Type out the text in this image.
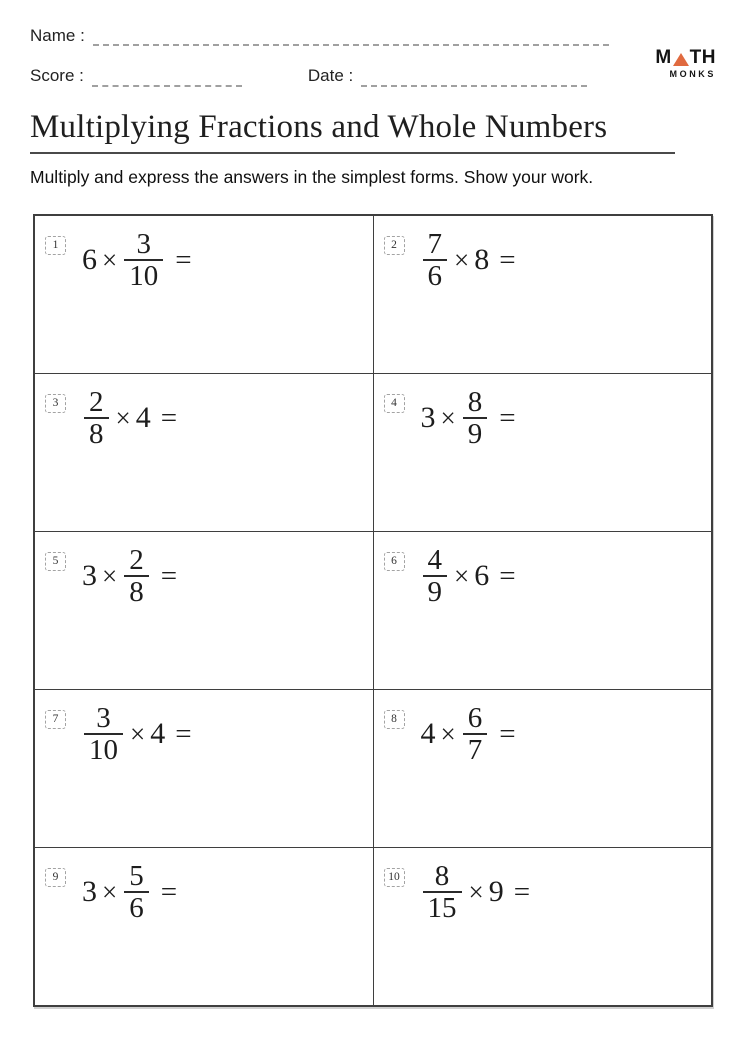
Name :
Score :	Date :
M TH
MONKS
Multiplying Fractions and Whole Numbers

Multiply and express the answers in the simplest forms. Show your work.

1 $6 \times \frac{3}{10}$ =	$2 \frac{7}{6} \times 8$ =
$3 \frac{2}{8} \times 4$ =	4 $3 \times \frac{8}{9}$ =
5 $3 \times \frac{2}{8}$ =	$6 \frac{4}{9} \times 6$ =
$7 \frac{3}{10} \times 4$ =	8 $4 \times \frac{6}{7}$ =
9 $3 \times \frac{5}{6}$ =	$10 \frac{8}{15} \times 9$ =
